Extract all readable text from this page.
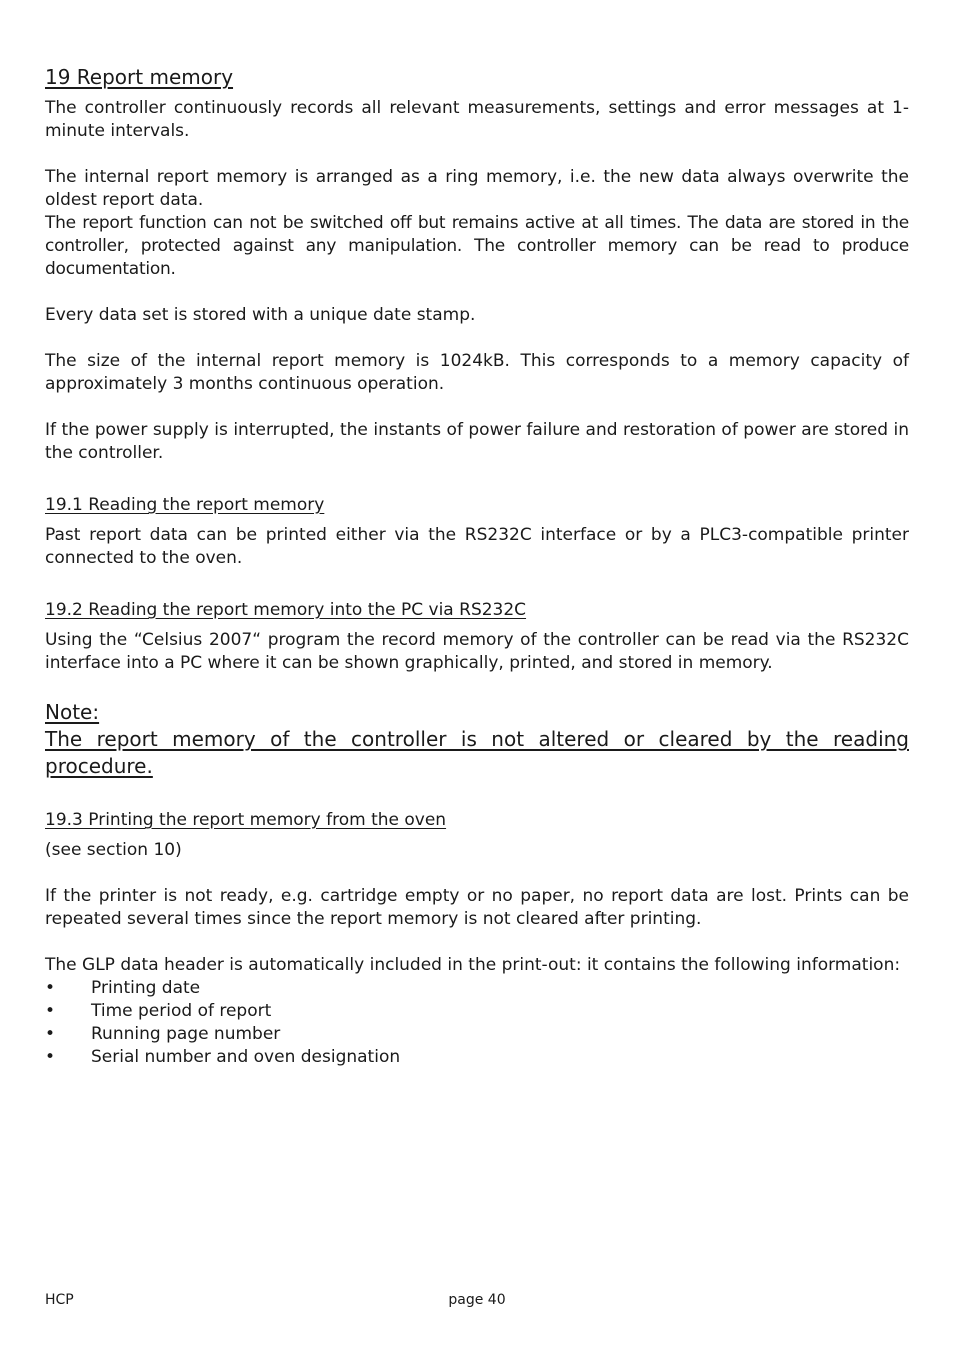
19 Report memory

The controller continuously records all relevant measurements, settings and error messages at 1-minute intervals.

The internal report memory is arranged as a ring memory, i.e. the new data always overwrite the oldest report data.

The report function can not be switched off but remains active at all times. The data are stored in the controller, protected against any manipulation. The controller memory can be read to produce documentation.

Every data set is stored with a unique date stamp.

The size of the internal report memory is 1024kB. This corresponds to a memory capacity of approximately 3 months continuous operation.

If the power supply is interrupted, the instants of power failure and restoration of power are stored in the controller.

19.1 Reading the report memory

Past report data can be printed either via the RS232C interface or by a PLC3-compatible printer connected to the oven.

19.2 Reading the report memory into the PC via RS232C

Using the “Celsius 2007“ program the record memory of the controller can be read via the RS232C interface into a PC where it can be shown graphically, printed, and stored in memory.

Note:

The report memory of the controller is not altered or cleared by the reading procedure.

19.3 Printing the report memory from the oven

(see section 10)

If the printer is not ready, e.g. cartridge empty or no paper, no report data are lost. Prints can be repeated several times since the report memory is not cleared after printing.

The GLP data header is automatically included in the print-out: it contains the following information:

• Printing date
• Time period of report
• Running page number
• Serial number and oven designation
HCP	page 40
